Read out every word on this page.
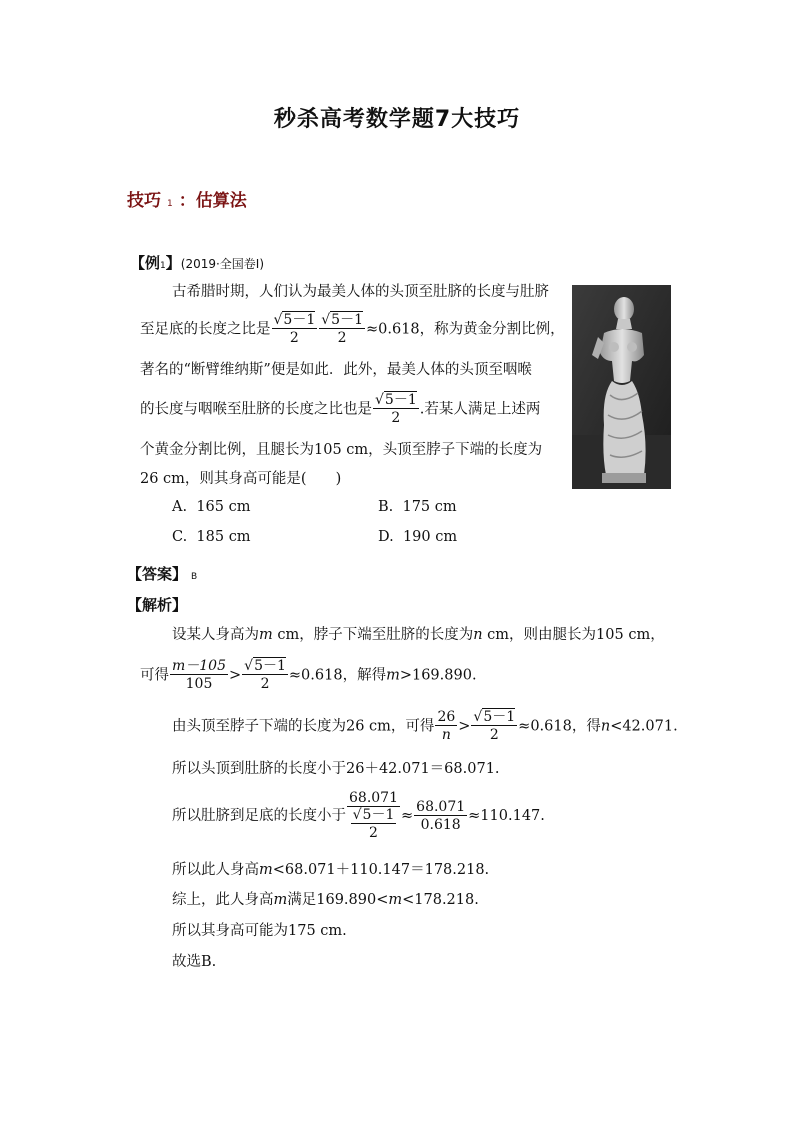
秒杀高考数学题7大技巧
技巧 1 ：估算法
【例1】(2019·全国卷Ⅰ)
古希腊时期，人们认为最美人体的头顶至肚脐的长度与肚脐
至足底的长度之比是 $\frac{√5-1}{2} \frac{√5-1}{2} \approx 0.618$，称为黄金分割比例，
著名的“断臂维纳斯”便是如此．此外，最美人体的头顶至咽喉
的长度与咽喉至肚脐的长度之比也是 $\frac{√5-1}{2}$ .若某人满足上述两
个黄金分割比例，且腿长为105 cm，头顶至脖子下端的长度为
26 cm，则其身高可能是(　　)
A. 165 cm	B. 175 cm
C. 185 cm	D. 190 cm
【答案】 B
【解析】
设某人身高为m cm，脖子下端至肚脐的长度为n cm，则由腿长为105 cm，
可得 $\frac{m-105}{105} > \frac{√5-1}{2} \approx 0.618$，解得m>169.890.
由头顶至脖子下端的长度为26 cm，可得 $\frac{26}{n} > \frac{√5-1}{2} \approx 0.618$，得n<42.071.
所以头顶到肚脐的长度小于26＋42.071＝68.071.
所以肚脐到足底的长度小于 $\frac{68.071}{\frac{√5-1}{2}} \approx \frac{68.071}{0.618} \approx 110.147$.
所以此人身高m<68.071＋110.147＝178.218.
综上，此人身高m满足169.890<m<178.218.
所以其身高可能为175 cm.
故选B.
